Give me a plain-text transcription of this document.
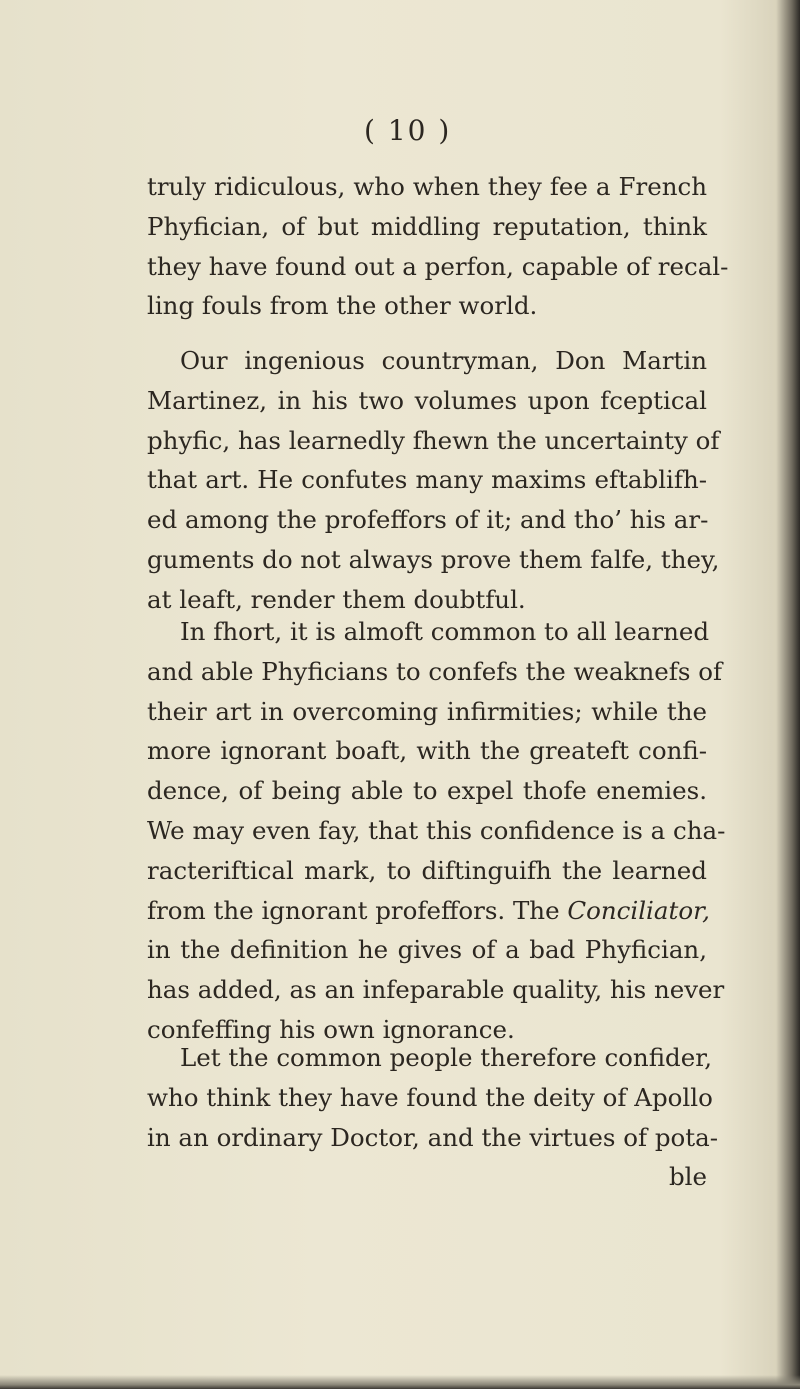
( 10 )
truly ridiculous, who when they fee a French
Phyfician, of but middling reputation, think
they have found out a perfon, capable of recal-
ling fouls from the other world.
Our ingenious countryman, Don Martin
Martinez, in his two volumes upon fceptical
phyfic, has learnedly fhewn the uncertainty of
that art. He confutes many maxims eftablifh-
ed among the profeffors of it; and tho’ his ar-
guments do not always prove them falfe, they,
at leaft, render them doubtful.
In fhort, it is almoft common to all learned
and able Phyficians to confefs the weaknefs of
their art in overcoming infirmities; while the
more ignorant boaft, with the greateft confi-
dence, of being able to expel thofe enemies.
We may even fay, that this confidence is a cha-
racteriftical mark, to diftinguifh the learned
from the ignorant profeffors. The Conciliator,
in the definition he gives of a bad Phyfician,
has added, as an infeparable quality, his never
confeffing his own ignorance.
Let the common people therefore confider,
who think they have found the deity of Apollo
in an ordinary Doctor, and the virtues of pota-
ble
